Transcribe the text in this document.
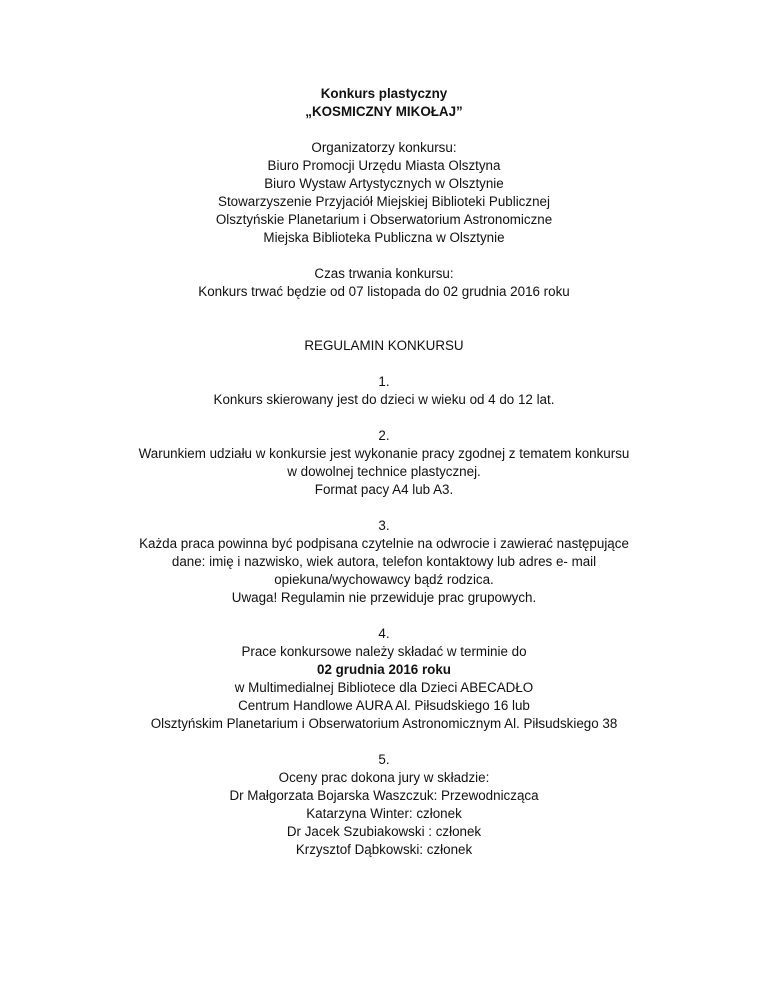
Konkurs plastyczny
„KOSMICZNY MIKOŁAJ”
Organizatorzy konkursu:
Biuro Promocji Urzędu Miasta Olsztyna
Biuro Wystaw Artystycznych w Olsztynie
Stowarzyszenie Przyjaciół Miejskiej Biblioteki Publicznej
Olsztyńskie Planetarium i Obserwatorium Astronomiczne
Miejska Biblioteka Publiczna w Olsztynie
Czas trwania konkursu:
Konkurs trwać będzie od 07 listopada do 02 grudnia 2016 roku
REGULAMIN KONKURSU
1.
Konkurs skierowany jest do dzieci w wieku od 4 do 12 lat.
2.
Warunkiem udziału w konkursie jest wykonanie pracy zgodnej z tematem konkursu
w dowolnej technice plastycznej.
Format pacy A4 lub A3.
3.
Każda praca powinna być podpisana czytelnie na odwrocie i zawierać następujące
dane: imię i nazwisko, wiek autora, telefon kontaktowy lub adres e- mail
opiekuna/wychowawcy bądź rodzica.
Uwaga! Regulamin nie przewiduje prac grupowych.
4.
Prace konkursowe należy składać w terminie do
02 grudnia 2016 roku
w Multimedialnej Bibliotece dla Dzieci ABECADŁO
Centrum Handlowe AURA Al. Piłsudskiego 16 lub
Olsztyńskim Planetarium i Obserwatorium Astronomicznym Al. Piłsudskiego 38
5.
Oceny prac dokona jury w składzie:
Dr Małgorzata Bojarska Waszczuk: Przewodnicząca
Katarzyna Winter: członek
Dr Jacek Szubiakowski : członek
Krzysztof Dąbkowski: członek
